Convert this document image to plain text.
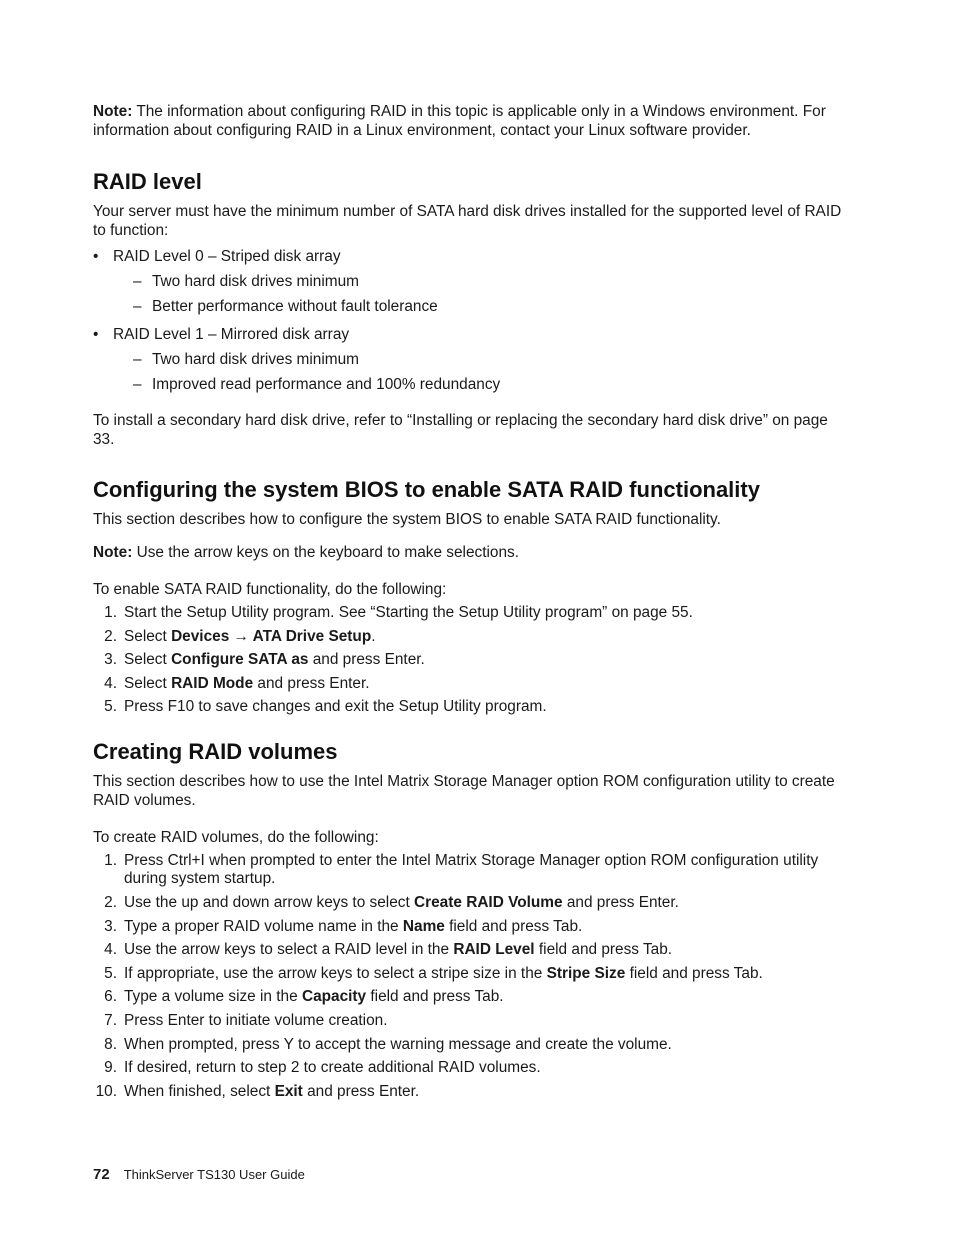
Note: The information about configuring RAID in this topic is applicable only in a Windows environment. For information about configuring RAID in a Linux environment, contact your Linux software provider.

RAID level

Your server must have the minimum number of SATA hard disk drives installed for the supported level of RAID to function:

• RAID Level 0 – Striped disk array
– Two hard disk drives minimum
– Better performance without fault tolerance
• RAID Level 1 – Mirrored disk array
– Two hard disk drives minimum
– Improved read performance and 100% redundancy

To install a secondary hard disk drive, refer to “Installing or replacing the secondary hard disk drive” on page 33.

Configuring the system BIOS to enable SATA RAID functionality

This section describes how to configure the system BIOS to enable SATA RAID functionality.

Note: Use the arrow keys on the keyboard to make selections.

To enable SATA RAID functionality, do the following:

1. Start the Setup Utility program. See “Starting the Setup Utility program” on page 55.
2. Select Devices → ATA Drive Setup.
3. Select Configure SATA as and press Enter.
4. Select RAID Mode and press Enter.
5. Press F10 to save changes and exit the Setup Utility program.
Creating RAID volumes

This section describes how to use the Intel Matrix Storage Manager option ROM configuration utility to create RAID volumes.

To create RAID volumes, do the following:

1. Press Ctrl+I when prompted to enter the Intel Matrix Storage Manager option ROM configuration utility during system startup.
2. Use the up and down arrow keys to select Create RAID Volume and press Enter.
3. Type a proper RAID volume name in the Name field and press Tab.
4. Use the arrow keys to select a RAID level in the RAID Level field and press Tab.
5. If appropriate, use the arrow keys to select a stripe size in the Stripe Size field and press Tab.
6. Type a volume size in the Capacity field and press Tab.
7. Press Enter to initiate volume creation.
8. When prompted, press Y to accept the warning message and create the volume.
9. If desired, return to step 2 to create additional RAID volumes.
10. When finished, select Exit and press Enter.
72 ThinkServer TS130 User Guide
